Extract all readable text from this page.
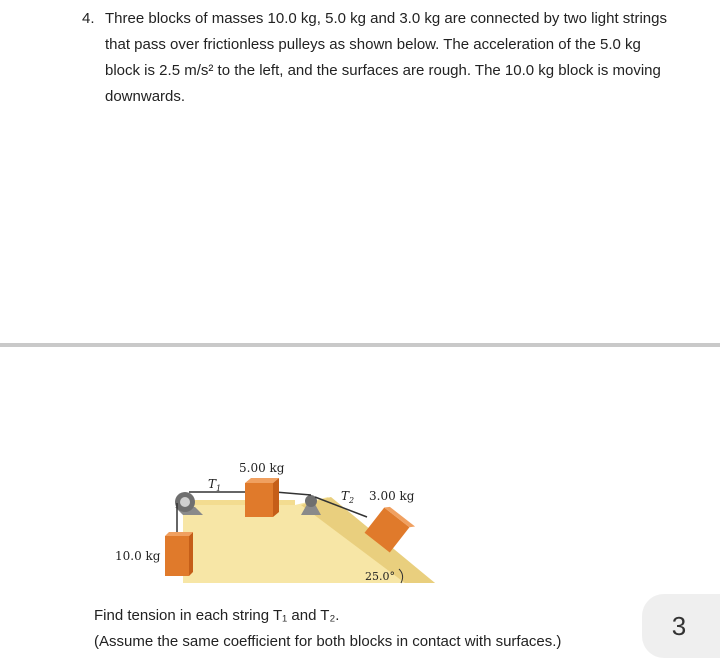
4. Three blocks of masses 10.0 kg, 5.0 kg and 3.0 kg are connected by two light strings that pass over frictionless pulleys as shown below. The acceleration of the 5.0 kg block is 2.5 m/s² to the left, and the surfaces are rough. The 10.0 kg block is moving downwards.
5.00 kg
3.00 kg
10.0 kg
$T_1$
$T_2$
25.0°
Find tension in each string T₁ and T₂.
(Assume the same coefficient for both blocks in contact with surfaces.)
3
